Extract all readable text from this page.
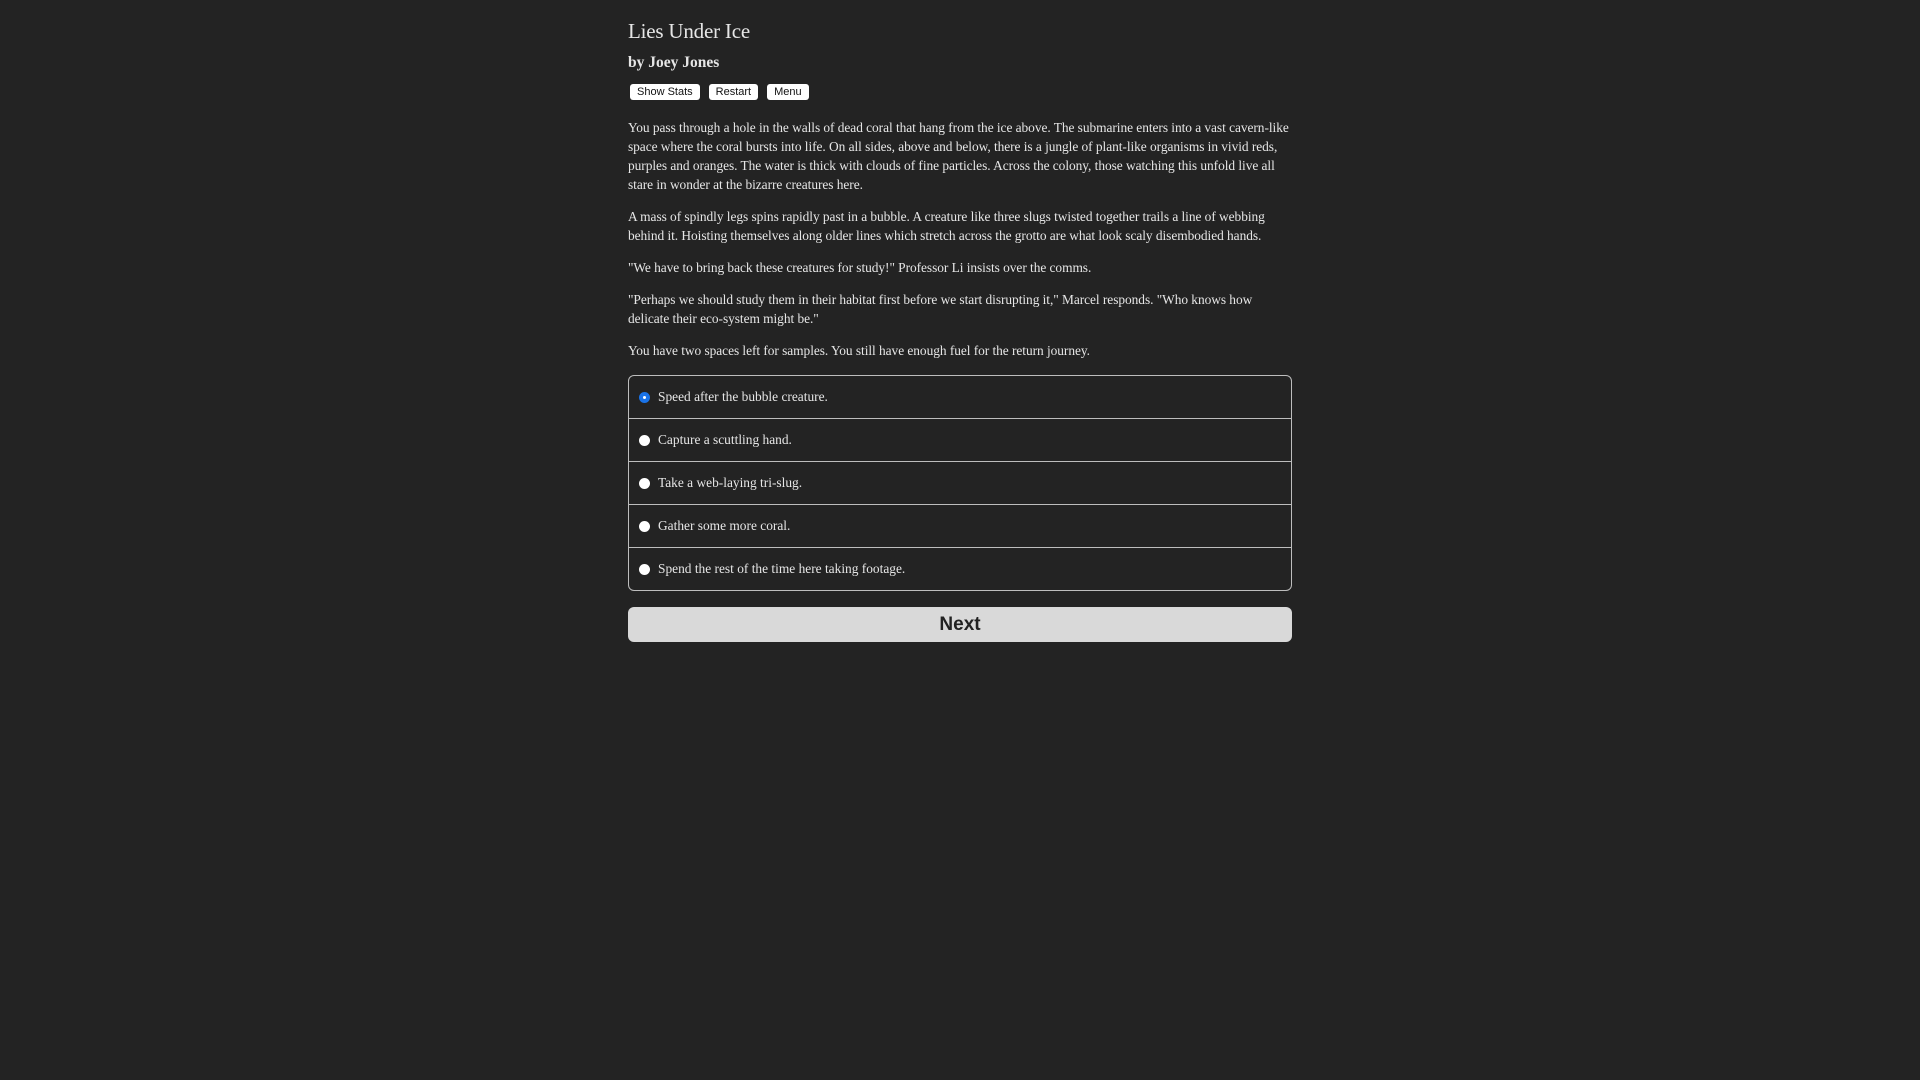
Lies Under Ice
by Joey Jones
Show Stats	Restart	Menu

You pass through a hole in the walls of dead coral that hang from the ice above. The submarine enters into a vast cavern-like space where the coral bursts into life. On all sides, above and below, there is a jungle of plant-like organisms in vivid reds, purples and oranges. The water is thick with clouds of fine particles. Across the colony, those watching this unfold live all stare in wonder at the bizarre creatures here.

A mass of spindly legs spins rapidly past in a bubble. A creature like three slugs twisted together trails a line of webbing behind it. Hoisting themselves along older lines which stretch across the grotto are what look scaly disembodied hands.

"We have to bring back these creatures for study!" Professor Li insists over the comms.

"Perhaps we should study them in their habitat first before we start disrupting it," Marcel responds. "Who knows how delicate their eco-system might be."

You have two spaces left for samples. You still have enough fuel for the return journey.

Speed after the bubble creature.
Capture a scuttling hand.
Take a web-laying tri-slug.
Gather some more coral.
Spend the rest of the time here taking footage.
Next
